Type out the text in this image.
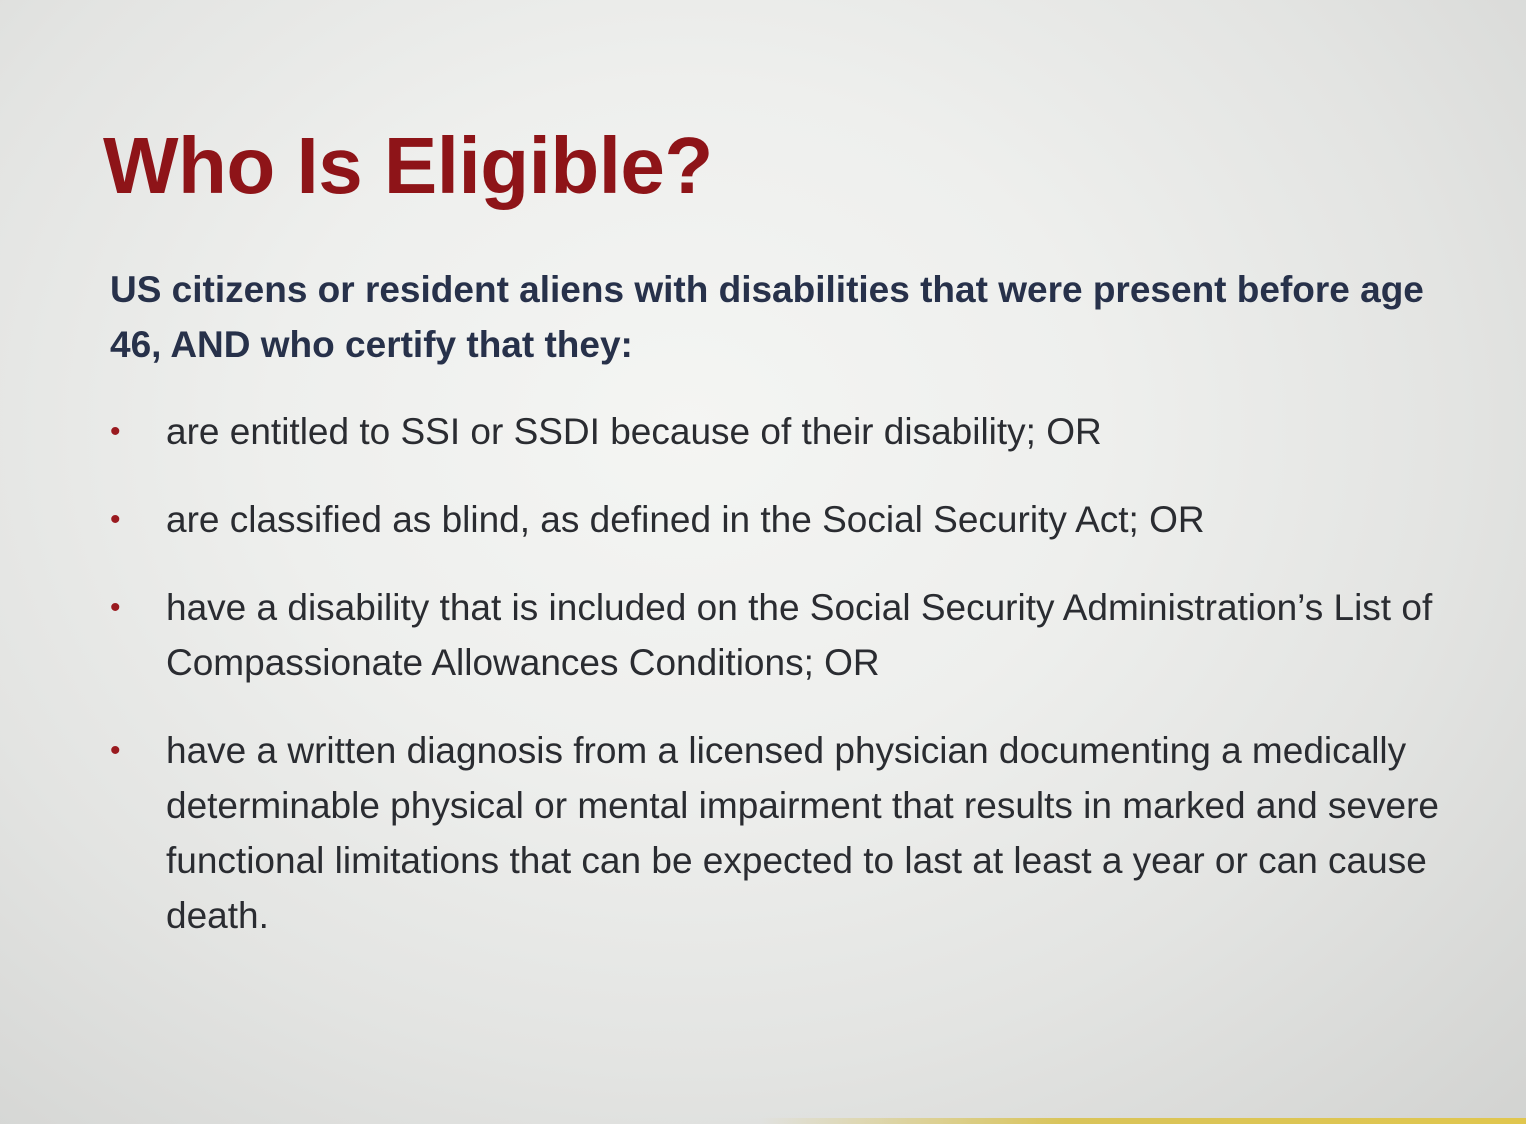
Who Is Eligible?

US citizens or resident aliens with disabilities that were present before age 46, AND who certify that they:

• are entitled to SSI or SSDI because of their disability; OR
• are classified as blind, as defined in the Social Security Act; OR
• have a disability that is included on the Social Security Administration’s List of Compassionate Allowances Conditions; OR
• have a written diagnosis from a licensed physician documenting a medically determinable physical or mental impairment that results in marked and severe functional limitations that can be expected to last at least a year or can cause death.
